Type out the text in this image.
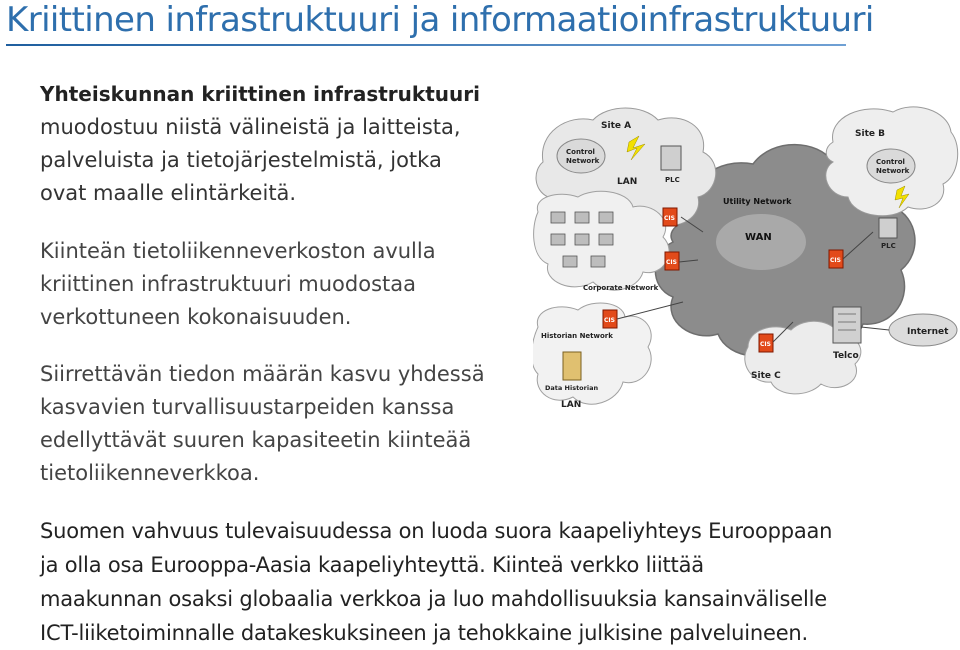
Kriittinen infrastruktuuri ja informaatioinfrastruktuuri
Yhteiskunnan kriittinen infrastruktuuri
muodostuu niistä välineistä ja laitteista,
palveluista ja tietojärjestelmistä, jotka
ovat maalle elintärkeitä.
Kiinteän tietoliikenneverkoston avulla
kriittinen infrastruktuuri muodostaa
verkottuneen kokonaisuuden.
Siirrettävän tiedon määrän kasvu yhdessä
kasvavien turvallisuustarpeiden kanssa
edellyttävät suuren kapasiteetin kiinteää
tietoliikenneverkkoa.
Suomen vahvuus tulevaisuudessa on luoda suora kaapeliyhteys Eurooppaan
ja olla osa Eurooppa-Aasia kaapeliyhteyttä. Kiinteä verkko liittää
maakunnan osaksi globaalia verkkoa ja luo mahdollisuuksia kansainväliselle
ICT-liiketoiminnalle datakeskuksineen ja tehokkaine julkisine palveluineen.
Internet
Telco
Site A
Site B
Site C
Control
Network	Control
Network
LAN
LAN
PLC
PLC
Utility Network
WAN
Corporate Network
Historian Network
Data Historian
CIS
CIS
CIS
CIS
CIS
